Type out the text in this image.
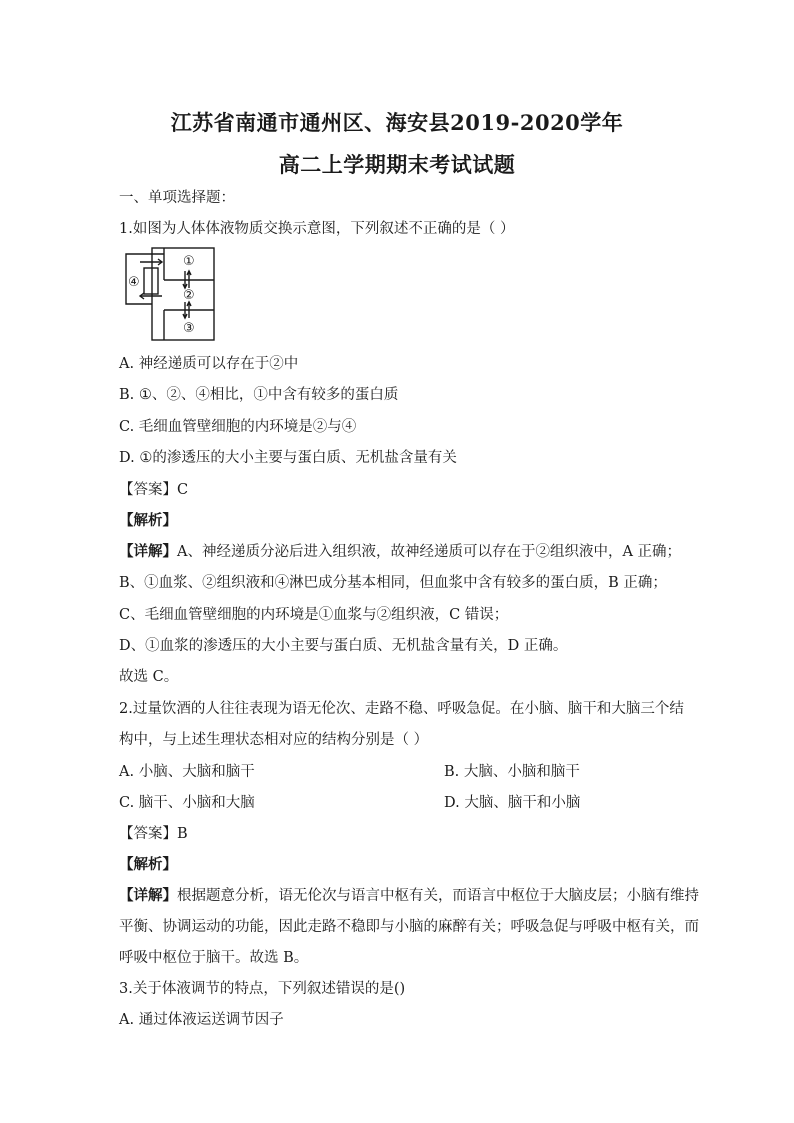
江苏省南通市通州区、海安县2019-2020学年
高二上学期期末考试试题
一、单项选择题：
1.如图为人体体液物质交换示意图，下列叙述不正确的是（ ）
①
②
③
④
A. 神经递质可以存在于②中
B. ①、②、④相比，①中含有较多的蛋白质
C. 毛细血管壁细胞的内环境是②与④
D. ①的渗透压的大小主要与蛋白质、无机盐含量有关
【答案】C
【解析】
【详解】A、神经递质分泌后进入组织液，故神经递质可以存在于②组织液中，A 正确；
B、①血浆、②组织液和④淋巴成分基本相同，但血浆中含有较多的蛋白质，B 正确；
C、毛细血管壁细胞的内环境是①血浆与②组织液，C 错误；
D、①血浆的渗透压的大小主要与蛋白质、无机盐含量有关，D 正确。
故选 C。
2.过量饮酒的人往往表现为语无伦次、走路不稳、呼吸急促。在小脑、脑干和大脑三个结
构中，与上述生理状态相对应的结构分别是（ ）
A. 小脑、大脑和脑干	B. 大脑、小脑和脑干
C. 脑干、小脑和大脑	D. 大脑、脑干和小脑
【答案】B
【解析】
【详解】根据题意分析，语无伦次与语言中枢有关，而语言中枢位于大脑皮层；小脑有维持
平衡、协调运动的功能，因此走路不稳即与小脑的麻醉有关；呼吸急促与呼吸中枢有关，而
呼吸中枢位于脑干。故选 B。
3.关于体液调节的特点，下列叙述错误的是()
A. 通过体液运送调节因子
